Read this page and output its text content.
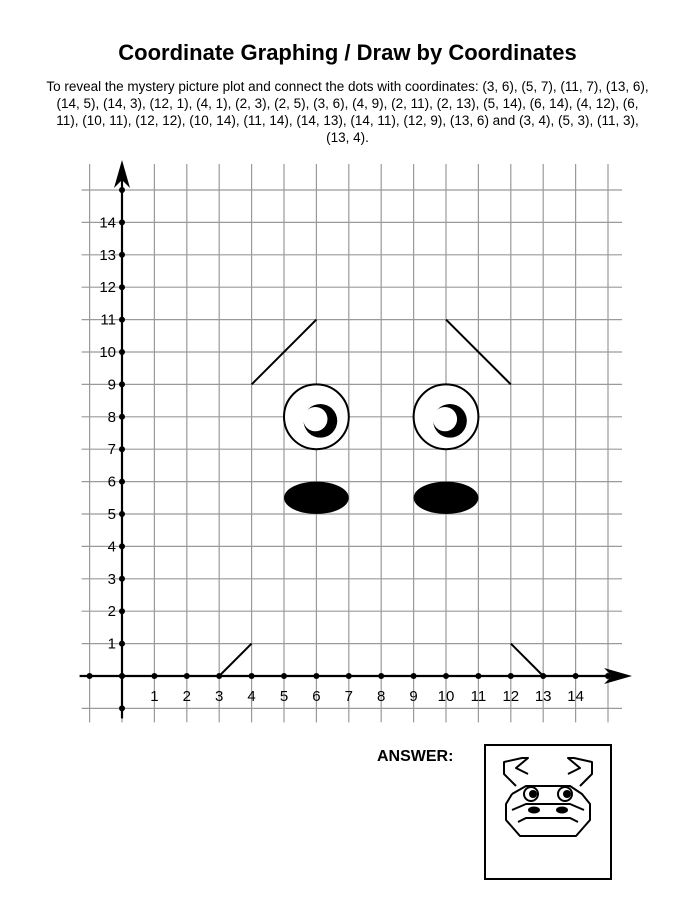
Coordinate Graphing / Draw by Coordinates
To reveal the mystery picture plot and connect the dots with coordinates: (3, 6), (5, 7), (11, 7), (13, 6), (14, 5), (14, 3), (12, 1), (4, 1), (2, 3), (2, 5), (3, 6), (4, 9), (2, 11), (2, 13), (5, 14), (6, 14), (4, 12), (6, 11), (10, 11), (12, 12), (10, 14), (11, 14), (14, 13), (14, 11), (12, 9), (13, 6) and (3, 4), (5, 3), (11, 3), (13, 4).
1 2 3 4 5 6 7 8 9 10 11 12 13 14
1
2
3
4
5
6
7
8
9
10
11
12
13
14
ANSWER:
